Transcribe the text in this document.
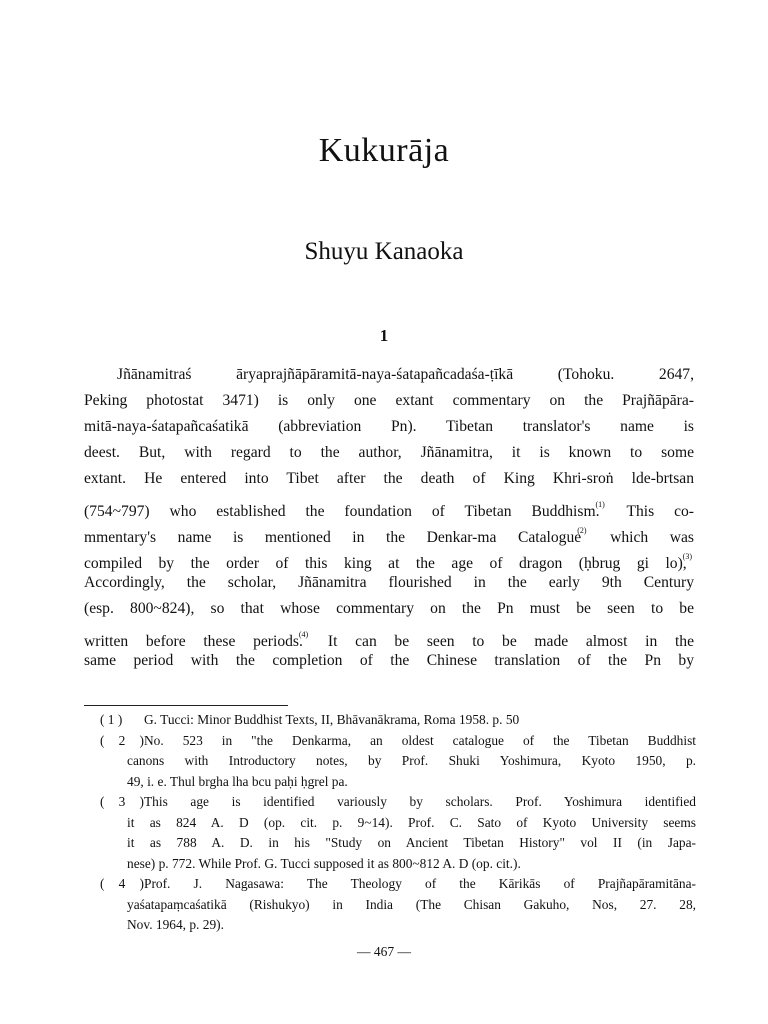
Kukurāja
Shuyu Kanaoka
1
Jñānamitraś āryaprajñāpāramitā-naya-śatapañcadaśa-ṭīkā (Tohoku. 2647,
Peking photostat 3471) is only one extant commentary on the Prajñāpāra-
mitā-naya-śatapañcaśatikā (abbreviation Pn). Tibetan translator's name is
deest. But, with regard to the author, Jñānamitra, it is known to some
extant. He entered into Tibet after the death of King Khri-sroṅ lde-brtsan
(754~797) who established the foundation of Tibetan Buddhism.$^{(1)}$ This co-
mmentary's name is mentioned in the Denkar-ma Catalogue$^{(2)}$ which was
compiled by the order of this king at the age of dragon (ḥbrug gi lo),$^{(3)}$
Accordingly, the scholar, Jñānamitra flourished in the early 9th Century
(esp. 800~824), so that whose commentary on the Pn must be seen to be
written before these periods.$^{(4)}$ It can be seen to be made almost in the
same period with the completion of the Chinese translation of the Pn by
( 1 ) G. Tucci: Minor Buddhist Texts, II, Bhāvanākrama, Roma 1958. p. 50
( 2 )No. 523 in "the Denkarma, an oldest catalogue of the Tibetan Buddhist
canons with Introductory notes, by Prof. Shuki Yoshimura, Kyoto 1950, p.
49, i. e. Thul brgha lha bcu paḥi ḥgrel pa.
( 3 )This age is identified variously by scholars. Prof. Yoshimura identified
it as 824 A. D (op. cit. p. 9~14). Prof. C. Sato of Kyoto University seems
it as 788 A. D. in his "Study on Ancient Tibetan History" vol II (in Japa-
nese) p. 772. While Prof. G. Tucci supposed it as 800~812 A. D (op. cit.).
( 4 )Prof. J. Nagasawa: The Theology of the Kārikās of Prajñapāramitāna-
yaśatapaṃcaśatikā (Rishukyo) in India (The Chisan Gakuho, Nos, 27. 28,
Nov. 1964, p. 29).
— 467 —
